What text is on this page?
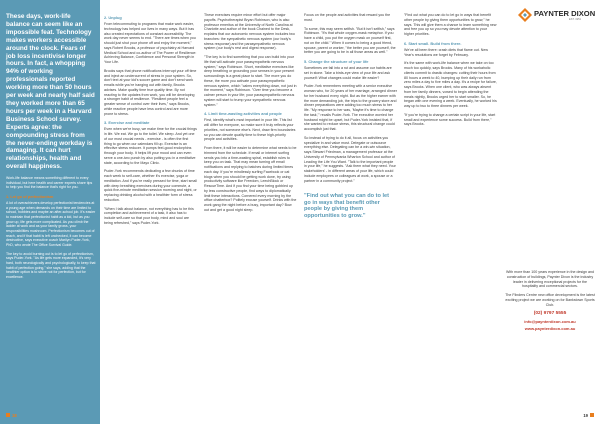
These days, work-life balance can seem like an impossible feat. Technology makes workers accessible around the clock. Fears of job loss incentivise longer hours. In fact, a whopping 94% of working professionals reported working more than 50 hours per week and nearly half said they worked more than 65 hours per week in a Harvard Business School survey. Experts agree: the compounding stress from the never-ending workday is damaging. It can hurt relationships, health and overall happiness.

Work-life balance means something different to every individual, but here health and career experts share tips to help you find the balance that's right for you.

1. Let go of perfectionism

A lot of overachievers develop perfectionist tendencies at a young age when demands on their time are limited to school, hobbies and maybe an after-school job. It's easier to maintain that perfectionist habit as a kid, but as you grow up, life gets more complicated. As you climb the ladder at work and as your family grows, your responsibilities mushroom. Perfectionism becomes out of reach, and if that habit is left unchecked, it can become destructive, says executive coach Marilyn Puder-York, PhD, who wrote The Office Survival Guide.

The key to avoid burning out is to let go of perfectionism, says Puder-York. "As life gets more expanded, it's very hard, both neurologically and psychologically, to keep that habit of perfection going," she says, adding that the healthier option is to strive not for perfection, but for excellence.

2. Unplug

From telecommuting to programs that make work easier, technology has helped our lives in many ways. But it has also created expectations of constant accessibility. The work day never seems to end. "There are times when you should just shut your phone off and enjoy the moment," says Robert Brooks, a professor of psychiatry at Harvard Medical School and co-author of The Power of Resilience: Achieving Balance, Confidence and Personal Strength in Your Life.

Brooks says that phone notifications interrupt your off time and inject an undercurrent of stress in your system. So, don't text at your kid's soccer game and don't send work emails while you're hanging out with family, Brooks advises. Make quality time true quality time. By not reacting to the updates from work, you will be developing a stronger habit of resilience. "Resilient people feel a greater sense of control over their lives," says Brooks, while reactive people have less control and are more prone to stress.

3. Exercise and meditate

Even when we're busy, we make time for the crucial things in life. We eat. We go to the toilet. We sleep. And yet one of our most crucial needs - exercise - is often the first thing to go when our calendars fill up. Exercise is an effective stress reducer. It pumps feel-good endorphins through your body. It helps lift your mood and can even serve a one-two punch by also putting you in a meditative state, according to the Mayo Clinic.

Puder-York recommends dedicating a few chunks of time each week to self-care, whether it's exercise, yoga or meditation. And if you're really pressed for time, start small with deep breathing exercises during your commute, a quick five-minute meditation session morning and night, or replacing drinking alcohol with a healthier form of stress reduction.

"When I talk about balance, not everything has to be this completion and achievement of a task, it also has to include self-care so that your body, mind and soul are being refreshed," says Puder-York.

These exercises require minor effort but offer major payoffs. Psychotherapist Bryan Robinson, who is also professor emeritus at the University of North Carolina at Charlotte and author of the book Chained to the Desk, explains that our autonomic nervous system includes two branches: the sympathetic nervous system (our body's stress response) and the parasympathetic nervous system (our body's rest and digest response).

"The key is to find something that you can build into your life that will activate your parasympathetic nervous system," says Robinson. Short, meditative exercises like deep breathing or grounding your senses in your present surroundings is a great place to start. The more you do these, the more you activate your parasympathetic nervous system, which "calms everything down, not just in the moment," says Robinson. "Over time you become a calmer person in your life; your parasympathetic nervous system will start to trump your sympathetic nervous system."

4. Limit time-wasting activities and people

First, identify what's most important in your life. This list will differ for everyone, so make sure it truly reflects your priorities, not someone else's. Next, draw firm boundaries so you can devote quality time to these high-priority people and activities.

From there, it will be easier to determine what needs to be trimmed from the schedule. If email or internet surfing sends you into a time-wasting spiral, establish rules to keep you on task. That may mean turning off email notifications and replying to batches during limited times each day. If you're mindlessly surfing Facebook or cat blogs when you should be getting work done, try using productivity software like Freedom, LeechBlock or RescueTime. And if you find your time being gobbled up by less constructive people, find ways to diplomatically limit these interactions. Cornered every morning by the office chatterbox? Politely excuse yourself. Drinks with the work gang the night before a busy, important day? Bow out and get a good night sleep.

Focus on the people and activities that reward you the most.

To some, this may seem selfish. "But it isn't selfish," says Robinson. "It's that whole oxygen-mask metaphor. If you have a child, you put the oxygen mask on yourself first, not on the child." When it comes to being a good friend, spouse, parent or worker, "the better you are yourself, the better you are going to be in all those areas as well."

5. Change the structure of your life

Sometimes we fall into a rut and assume our habits are set in stone. Take a birds-eye view of your life and ask yourself: What changes could make life easier?

Puder-York remembers meeting with a senior executive woman who, for 20 years of her marriage, arranged dinner for her husband every night. But as the higher earner with the more demanding job, the trips to the grocery store and dinner preparations were adding too much stress to her life. "My response to her was, 'Maybe it's time to change the task,'" recalls Puder-York. The executive worried her husband might be upset, but Puder-York insisted that, if she wanted to reduce stress, this structural change could accomplish just that.

So instead of trying to do it all, focus on activities you specialize in and value most. Delegate or outsource everything else. Delegating can be a win-win situation, says Stewart Friedman, a management professor at the University of Pennsylvania Wharton School and author of Leading the Life You Want. "Talk to the important people in your life," he suggests. "Ask them what they need. Your stakeholders' - in different areas of your life, which could include employees or colleagues at work, a spouse or a partner in a community project."

"Find out what you can do to let go in ways that benefit other people by giving them opportunities to grow."

"Find out what you can do to let go in ways that benefit other people by giving them opportunities to grow," he says. This will give them a chance to learn something new and free you up so you may devote attention to your higher priorities.

6. Start small. Build from there.

We've all been there: crash diets that flame out. New Year's resolutions we forget by February.

It's the same with work-life balance when we take on too much too quickly, says Brooks. Many of his workaholic clients commit to drastic changes: cutting their hours from 80 hours a week to 40, bumping up their daily run from zero miles a day to five miles a day. It's a recipe for failure, says Brooks. When one client, who was always absent from her family dinners, vowed to begin attending the meals nightly, Brooks urged her to start smaller. So, he began with one evening a week. Eventually, he worked his way up to two to three dinners per week.

"If you're trying to change a certain script in your life, start small and experience some success. Build from there," says Brooks.

PAYNTER DIXON
EST. 1951

With more than 100 years experience in the design and construction of buildings, Paynter Dixon is the industry leader in delivering exceptional projects for the hospitality and commercial sectors.

The Flinders Centre new office development is the latest exciting project we are working on for Bankstown Sports Club.

(02) 9797 5555

info@paynterdixon.com.au

www.paynterdixon.com.au

18	19
